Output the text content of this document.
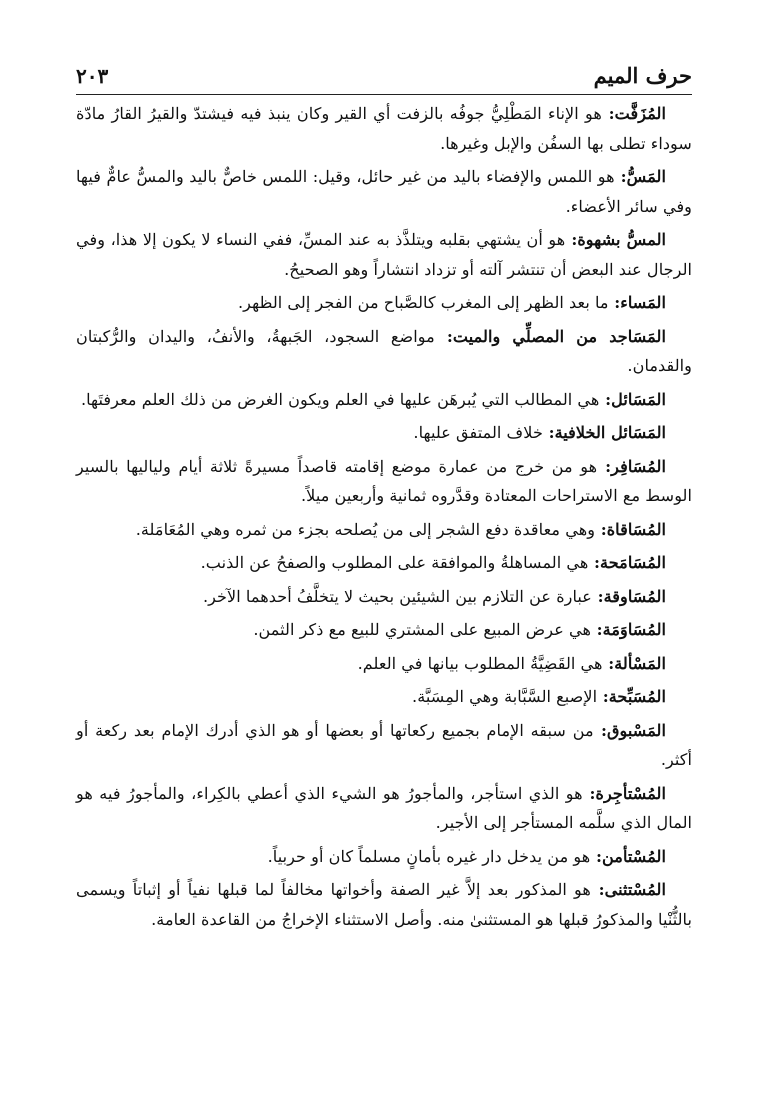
حرف الميم
٢٠٣

المُزَفَّت: هو الإناء المَطْلِيُّ جوفُه بالزفت أي القير وكان ينبذ فيه فيشتدّ والقيرُ القارُ مادّة سوداء تطلى بها السفُن والإبل وغيرها.

المَسُّ: هو اللمس والإفضاء باليد من غير حائل، وقيل: اللمس خاصٌّ باليد والمسُّ عامٌّ فيها وفي سائر الأعضاء.

المسُّ بشهوة: هو أن يشتهي بقلبه ويتلذَّذ به عند المسِّ، ففي النساء لا يكون إلا هذا، وفي الرجال عند البعض أن تنتشر آلته أو تزداد انتشاراً وهو الصحيحُ.

المَساء: ما بعد الظهر إلى المغرب كالصَّباح من الفجر إلى الظهر.

المَسَاجد من المصلِّي والميت: مواضع السجود، الجَبهةُ، والأنفُ، واليدان والرُّكبتان والقدمان.

المَسَائل: هي المطالب التي يُبرهَن عليها في العلم ويكون الغرض من ذلك العلم معرفتَها.

المَسَائل الخلافية: خلاف المتفق عليها.

المُسَافِر: هو من خرج من عمارة موضع إقامته قاصداً مسيرةً ثلاثة أيام ولياليها بالسير الوسط مع الاستراحات المعتادة وقدَّروه ثمانية وأربعين ميلاً.

المُسَاقاة: وهي معاقدة دفع الشجر إلى من يُصلحه بجزء من ثمره وهي المُعَامَلة.

المُسَامَحة: هي المساهلةُ والموافقة على المطلوب والصفحُ عن الذنب.

المُسَاوقة: عبارة عن التلازم بين الشيئين بحيث لا يتخلَّفُ أحدهما الآخر.

المُسَاوَمَة: هي عرض المبيع على المشتري للبيع مع ذكر الثمن.

المَسْألة: هي القَضِيَّةُ المطلوب بيانها في العلم.

المُسَبِّحة: الإصبع السَّبَّابة وهي المِسَبَّة.

المَسْبوق: من سبقه الإمام بجميع ركعاتها أو بعضها أو هو الذي أدرك الإمام بعد ركعة أو أكثر.

المُسْتأجِرة: هو الذي استأجر، والمأجورُ هو الشيء الذي أعطي بالكِراء، والمأجورُ فيه هو المال الذي سلَّمه المستأجر إلى الأجير.

المُسْتأمن: هو من يدخل دار غيره بأمانٍ مسلماً كان أو حربياً.

المُسْتثنى: هو المذكور بعد إلاَّ غير الصفة وأخواتها مخالفاً لما قبلها نفياً أو إثباتاً ويسمى بالثُّنْيا والمذكورُ قبلها هو المستثنىٰ منه. وأصل الاستثناء الإخراجُ من القاعدة العامة.
